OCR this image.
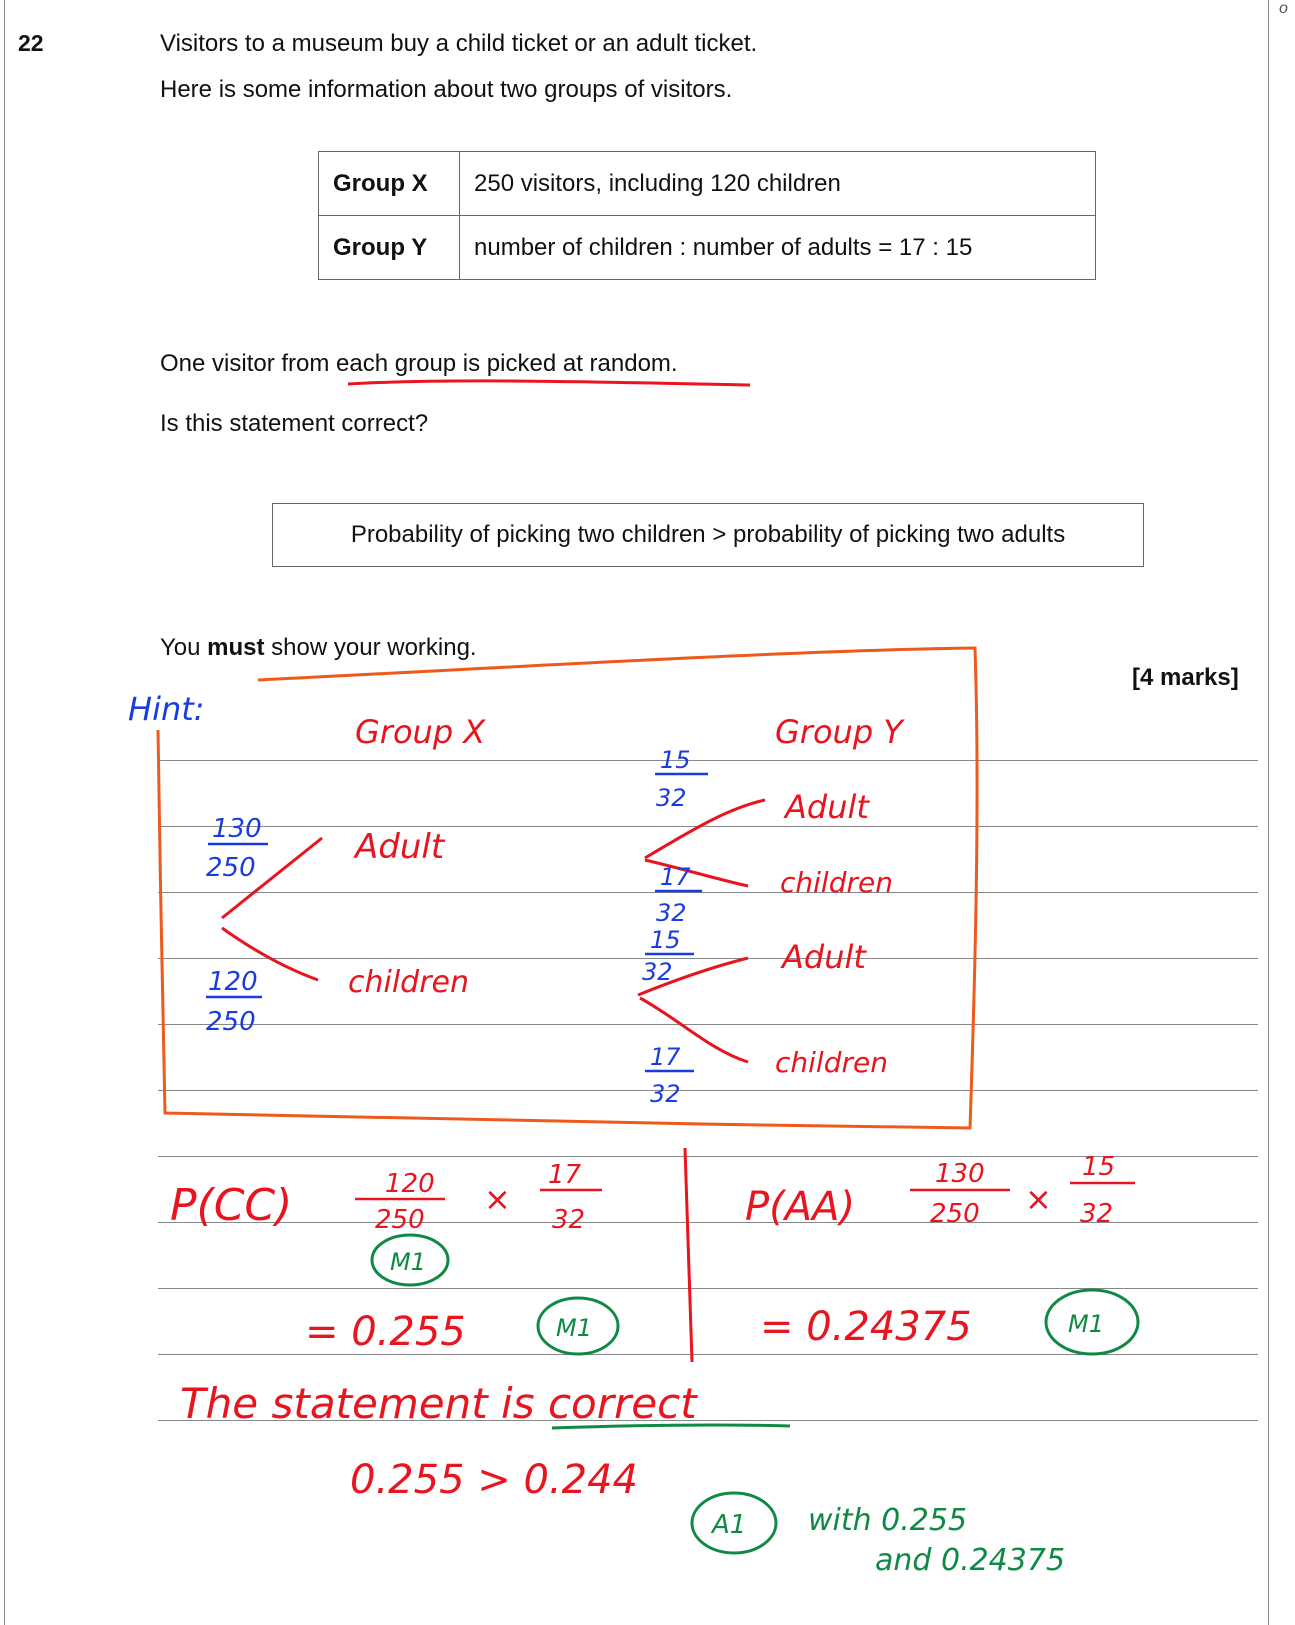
o
22	Visitors to a museum buy a child ticket or an adult ticket.
Here is some information about two groups of visitors.
Group X	250 visitors, including 120 children
Group Y	number of children : number of adults = 17 : 15
One visitor from each group is picked at random.
Is this statement correct?
Probability of picking two children > probability of picking two adults
You must show your working.
[4 marks]
Hint:
Group X	Group Y
130
250
120
250
Adult
children
15
32
17
32
15
32
17
32
Adult
children
Adult
children
P(CC)	120
250
×
17
32
M1
= 0.255	M1
P(AA)
130
250 ×
15
32
= 0.24375	M1
The statement is correct
0.255 > 0.244
A1 with 0.255
and 0.24375
